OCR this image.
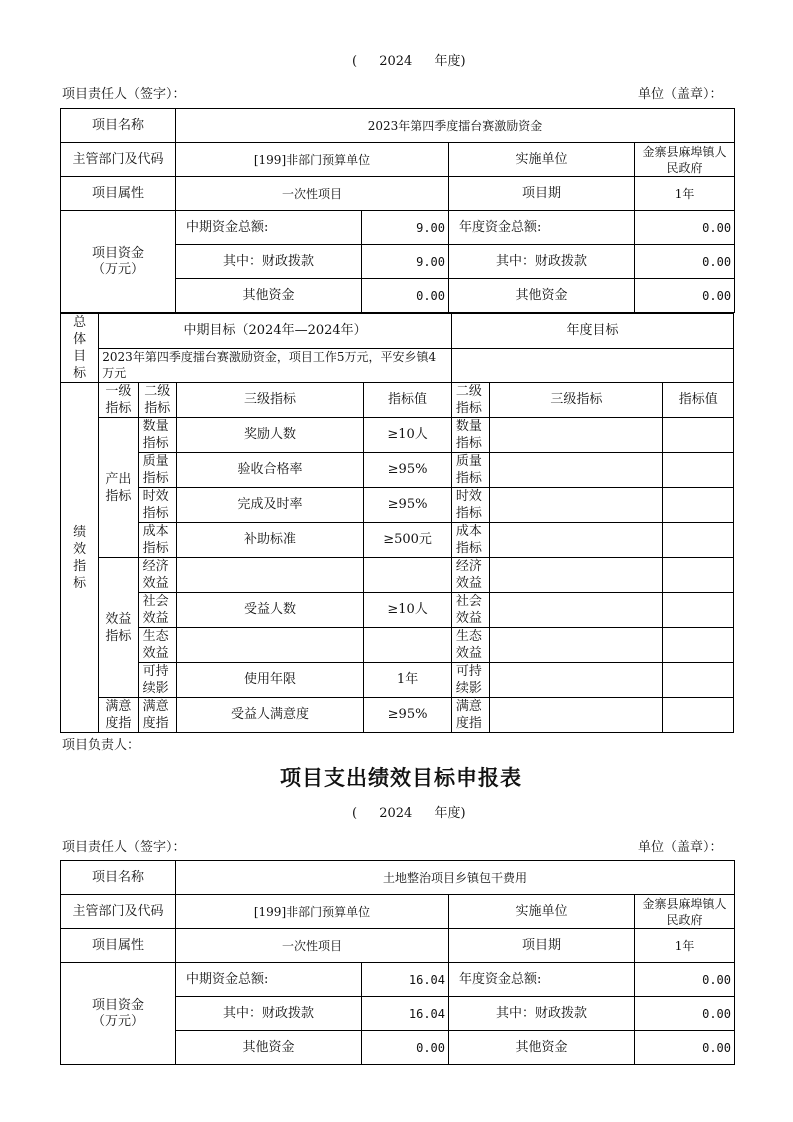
( 2024 年度)
项目责任人（签字）：	单位（盖章）：
项目名称	2023年第四季度擂台赛激励资金			
主管部门及代码	[199]非部门预算单位		实施单位	金寨县麻埠镇人民政府
项目属性	一次性项目		项目期	1年
项目资金（万元）	中期资金总额:	9.00	年度资金总额:	0.00
	其中：财政拨款	9.00	其中：财政拨款	0.00
	其他资金	0.00	其他资金	0.00
总体目标	中期目标（2024年—2024年）				年度目标		
	2023年第四季度擂台赛激励资金，项目工作5万元，平安乡镇4万元						
绩效指标	一级指标	二级指标	三级指标	指标值	二级指标	三级指标	指标值
	产出指标	数量指标	奖励人数	≥10人	数量指标		
		质量指标	验收合格率	≥95%	质量指标		
		时效指标	完成及时率	≥95%	时效指标		
		成本指标	补助标准	≥500元	成本指标		
	效益指标	经济效益			经济效益		
		社会效益	受益人数	≥10人	社会效益		
		生态效益			生态效益		
		可持续影	使用年限	1年	可持续影		
	满意度指	满意度指	受益人满意度	≥95%	满意度指		
项目负责人：
项目支出绩效目标申报表
( 2024 年度)
项目责任人（签字）：	单位（盖章）：
项目名称	土地整治项目乡镇包干费用			
主管部门及代码	[199]非部门预算单位		实施单位	金寨县麻埠镇人民政府
项目属性	一次性项目		项目期	1年
项目资金（万元）	中期资金总额:	16.04	年度资金总额:	0.00
	其中：财政拨款	16.04	其中：财政拨款	0.00
	其他资金	0.00	其他资金	0.00
